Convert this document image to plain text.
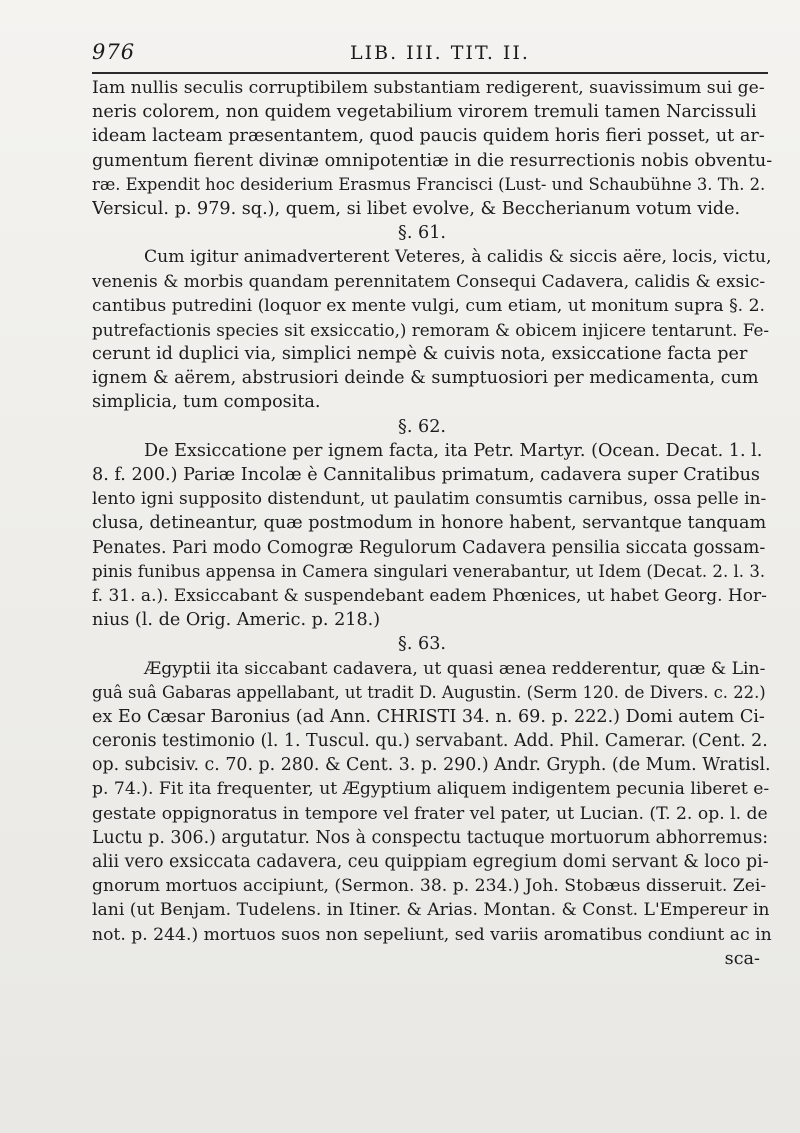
976	LIB. III. TIT. II.
Iam nullis seculis corruptibilem substantiam redigerent, suavissimum sui ge-
neris colorem, non quidem vegetabilium virorem tremuli tamen Narcissuli
ideam lacteam præsentantem, quod paucis quidem horis fieri posset, ut ar-
gumentum fierent divinæ omnipotentiæ in die resurrectionis nobis obventu-
ræ. Expendit hoc desiderium Erasmus Francisci (Lust- und Schaubühne 3. Th. 2.
Versicul. p. 979. sq.), quem, si libet evolve, & Beccherianum votum vide.
§. 61.
Cum igitur animadverterent Veteres, à calidis & siccis aëre, locis, victu,
venenis & morbis quandam perennitatem Consequi Cadavera, calidis & exsic-
cantibus putredini (loquor ex mente vulgi, cum etiam, ut monitum supra §. 2.
putrefactionis species sit exsiccatio,) remoram & obicem injicere tentarunt. Fe-
cerunt id duplici via, simplici nempè & cuivis nota, exsiccatione facta per
ignem & aërem, abstrusiori deinde & sumptuosiori per medicamenta, cum
simplicia, tum composita.
§. 62.
De Exsiccatione per ignem facta, ita Petr. Martyr. (Ocean. Decat. 1. l.
8. f. 200.) Pariæ Incolæ è Cannitalibus primatum, cadavera super Cratibus
lento igni supposito distendunt, ut paulatim consumtis carnibus, ossa pelle in-
clusa, detineantur, quæ postmodum in honore habent, servantque tanquam
Penates. Pari modo Comogræ Regulorum Cadavera pensilia siccata gossam-
pinis funibus appensa in Camera singulari venerabantur, ut Idem (Decat. 2. l. 3.
f. 31. a.). Exsiccabant & suspendebant eadem Phœnices, ut habet Georg. Hor-
nius (l. de Orig. Americ. p. 218.)
§. 63.
Ægyptii ita siccabant cadavera, ut quasi ænea redderentur, quæ & Lin-
guâ suâ Gabaras appellabant, ut tradit D. Augustin. (Serm 120. de Divers. c. 22.)
ex Eo Cæsar Baronius (ad Ann. CHRISTI 34. n. 69. p. 222.) Domi autem Ci-
ceronis testimonio (l. 1. Tuscul. qu.) servabant. Add. Phil. Camerar. (Cent. 2.
op. subcisiv. c. 70. p. 280. & Cent. 3. p. 290.) Andr. Gryph. (de Mum. Wratisl.
p. 74.). Fit ita frequenter, ut Ægyptium aliquem indigentem pecunia liberet e-
gestate oppignoratus in tempore vel frater vel pater, ut Lucian. (T. 2. op. l. de
Luctu p. 306.) argutatur. Nos à conspectu tactuque mortuorum abhorremus:
alii vero exsiccata cadavera, ceu quippiam egregium domi servant & loco pi-
gnorum mortuos accipiunt, (Sermon. 38. p. 234.) Joh. Stobæus disseruit. Zei-
lani (ut Benjam. Tudelens. in Itiner. & Arias. Montan. & Const. L'Empereur in
not. p. 244.) mortuos suos non sepeliunt, sed variis aromatibus condiunt ac in
sca-
